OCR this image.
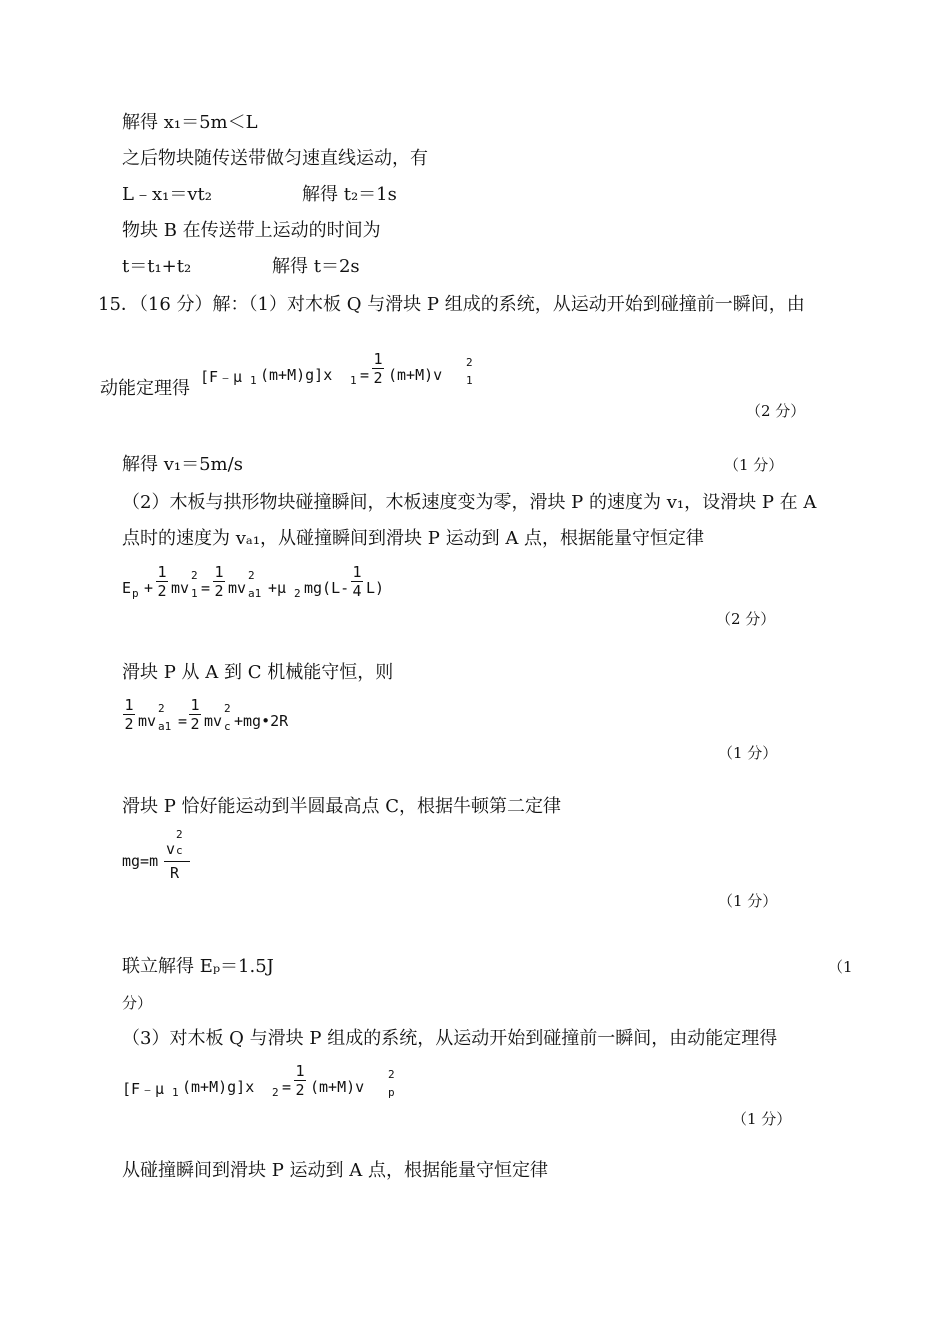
解得 x₁＝5m＜L
之后物块随传送带做匀速直线运动，有
L﹣x₁＝vt₂	解得 t₂＝1s
物块 B 在传送带上运动的时间为
t＝t₁+t₂	解得 t＝2s
15．（16 分）解：（1）对木板 Q 与滑块 P 组成的系统，从运动开始到碰撞前一瞬间，由
动能定理得
[F﹣μ 1 (m+M)g]x 1 =
1
2 (m+M)v
2
1
（2 分）
解得 v₁＝5m/s	（1 分）
（2）木板与拱形物块碰撞瞬间，木板速度变为零，滑块 P 的速度为 v₁，设滑块 P 在 A
点时的速度为 vₐ₁，从碰撞瞬间到滑块 P 运动到 A 点，根据能量守恒定律
E p +
1
2 mv
2
1 =
1
2 mv
2
a1 +μ 2 mg(L-
1
4 L)
（2 分）
滑块 P 从 A 到 C 机械能守恒，则
1
2 mv
2
a1 =
1
2 mv
2
c +mg•2R
（1 分）
滑块 P 恰好能运动到半圆最高点 C，根据牛顿第二定律
mg=m
v
2
c
R
（1 分）
联立解得 Eₚ＝1.5J	（1
分）
（3）对木板 Q 与滑块 P 组成的系统，从运动开始到碰撞前一瞬间，由动能定理得
[F﹣μ 1 (m+M)g]x 2 =
1
2 (m+M)v
2
p
（1 分）
从碰撞瞬间到滑块 P 运动到 A 点，根据能量守恒定律
